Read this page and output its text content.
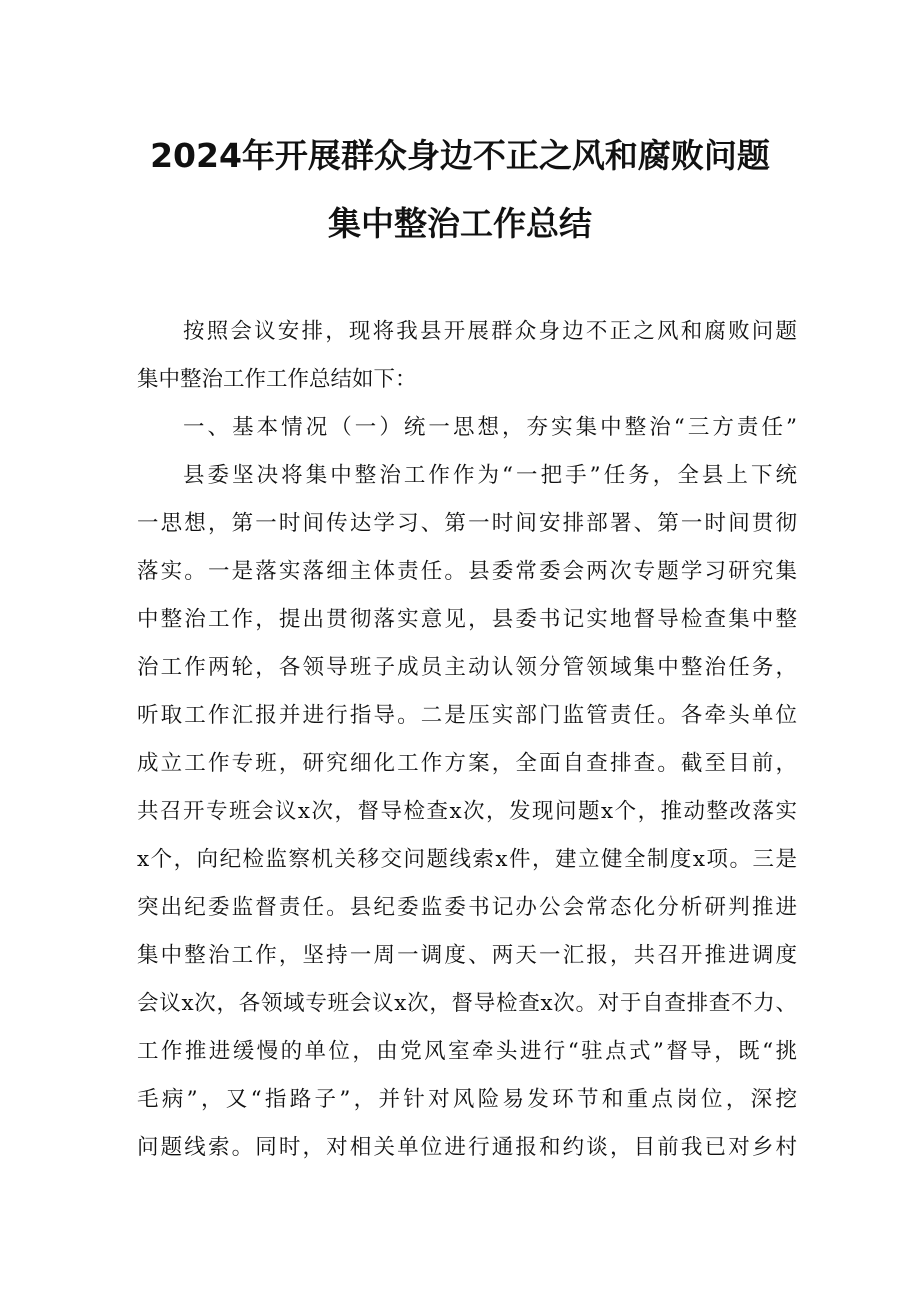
2024年开展群众身边不正之风和腐败问题
集中整治工作总结
按照会议安排，现将我县开展群众身边不正之风和腐败问题
集中整治工作工作总结如下：
一、基本情况（一）统一思想，夯实集中整治“三方责任”
县委坚决将集中整治工作作为“一把手”任务，全县上下统
一思想，第一时间传达学习、第一时间安排部署、第一时间贯彻
落实。一是落实落细主体责任。县委常委会两次专题学习研究集
中整治工作，提出贯彻落实意见，县委书记实地督导检查集中整
治工作两轮，各领导班子成员主动认领分管领域集中整治任务，
听取工作汇报并进行指导。二是压实部门监管责任。各牵头单位
成立工作专班，研究细化工作方案，全面自查排查。截至目前，
共召开专班会议x次，督导检查x次，发现问题x个，推动整改落实
x个，向纪检监察机关移交问题线索x件，建立健全制度x项。三是
突出纪委监督责任。县纪委监委书记办公会常态化分析研判推进
集中整治工作，坚持一周一调度、两天一汇报，共召开推进调度
会议x次，各领域专班会议x次，督导检查x次。对于自查排查不力、
工作推进缓慢的单位，由党风室牵头进行“驻点式”督导，既“挑
毛病”，又“指路子”，并针对风险易发环节和重点岗位，深挖
问题线索。同时，对相关单位进行通报和约谈，目前我已对乡村
